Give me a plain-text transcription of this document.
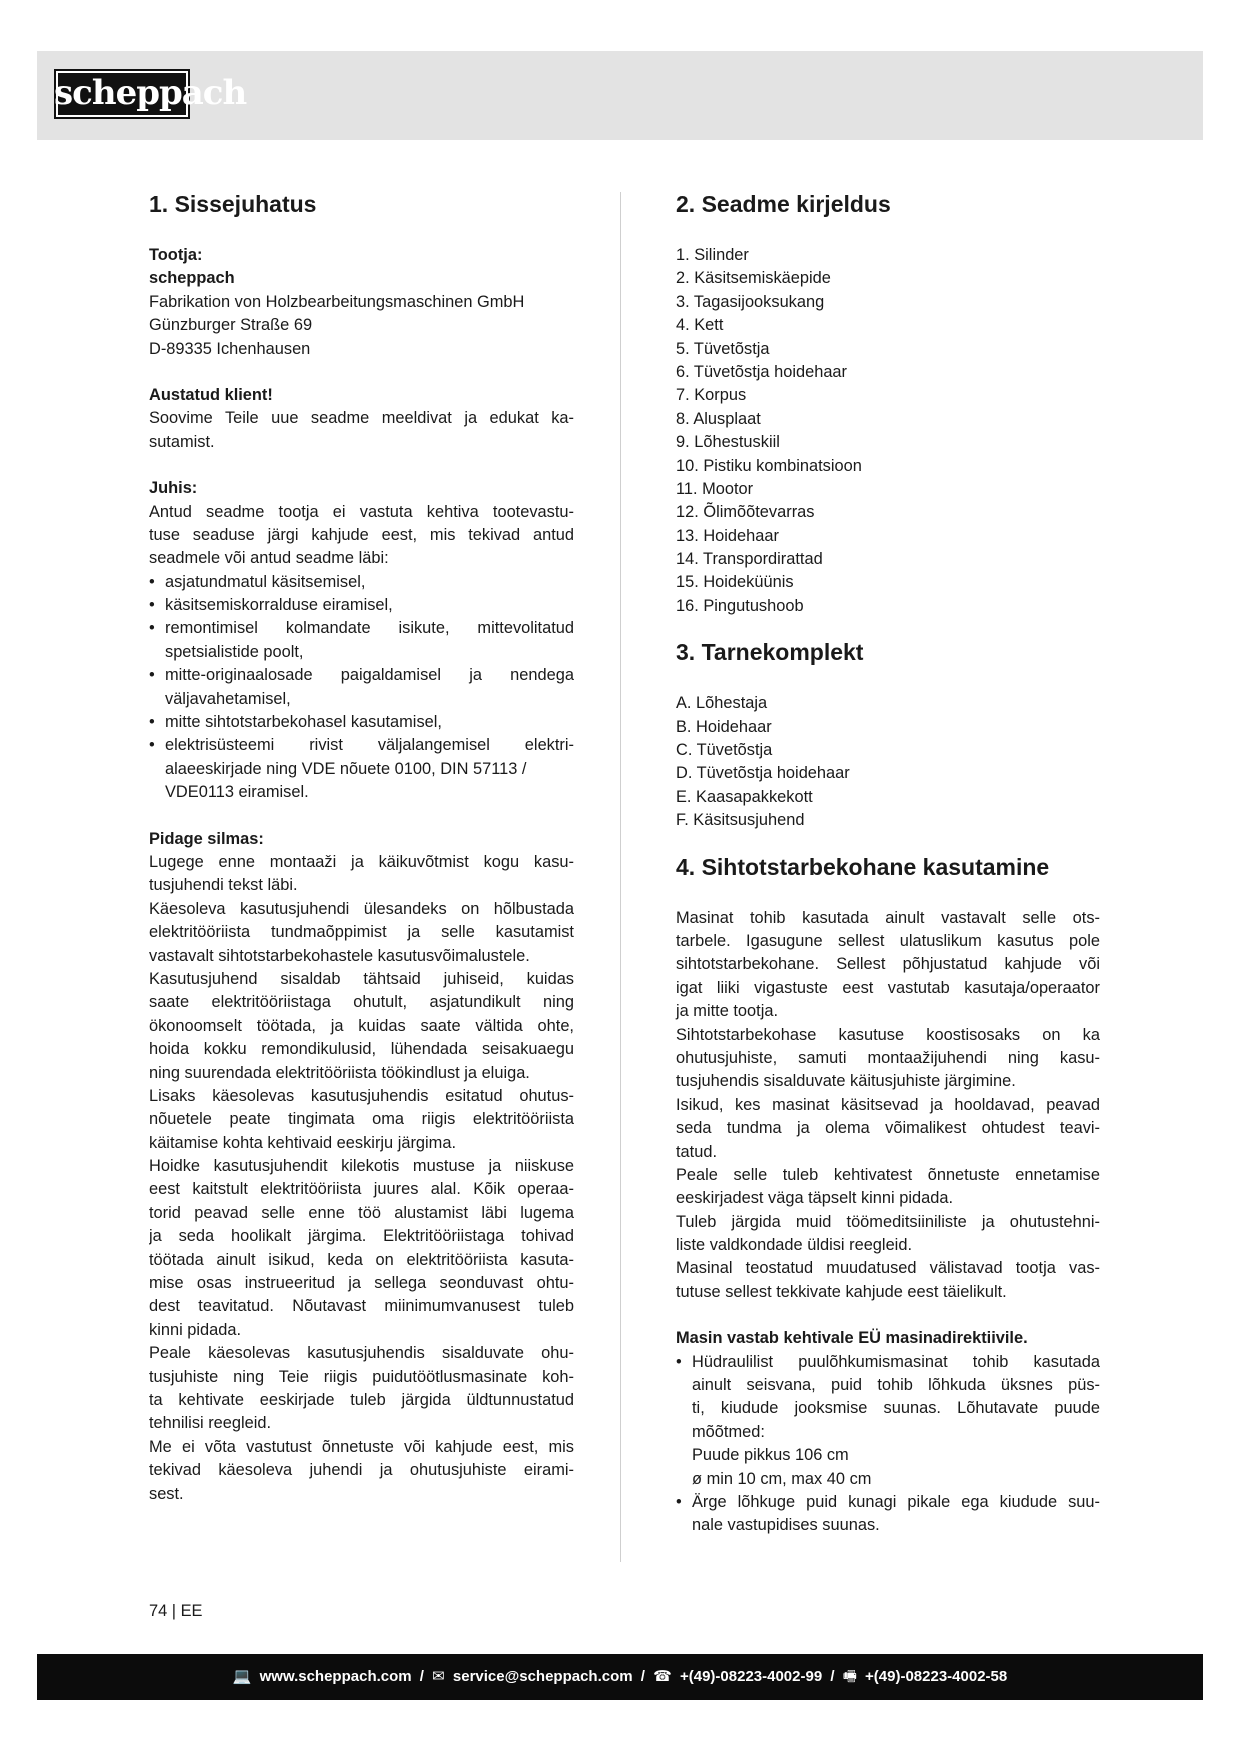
scheppach
1. Sissejuhatus
Tootja:
scheppach
Fabrikation von Holzbearbeitungsmaschinen GmbH
Günzburger Straße 69
D-89335 Ichenhausen
Austatud klient!
Soovime Teile uue seadme meeldivat ja edukat ka-
sutamist.
Juhis:
Antud seadme tootja ei vastuta kehtiva tootevastu-
tuse seaduse järgi kahjude eest, mis tekivad antud
seadmele või antud seadme läbi:
• asjatundmatul käsitsemisel,
• käsitsemiskorralduse eiramisel,
• remontimisel kolmandate isikute, mittevolitatud
spetsialistide poolt,
• mitte-originaalosade paigaldamisel ja nendega
väljavahetamisel,
• mitte sihtotstarbekohasel kasutamisel,
• elektrisüsteemi rivist väljalangemisel elektri-
alaeeskirjade ning VDE nõuete 0100, DIN 57113 /
VDE0113 eiramisel.
Pidage silmas:
Lugege enne montaaži ja käikuvõtmist kogu kasu-
tusjuhendi tekst läbi.
Käesoleva kasutusjuhendi ülesandeks on hõlbustada
elektritööriista tundmaõppimist ja selle kasutamist
vastavalt sihtotstarbekohastele kasutusvõimalustele.
Kasutusjuhend sisaldab tähtsaid juhiseid, kuidas
saate elektritööriistaga ohutult, asjatundikult ning
ökonoomselt töötada, ja kuidas saate vältida ohte,
hoida kokku remondikulusid, lühendada seisakuaegu
ning suurendada elektritööriista töökindlust ja eluiga.
Lisaks käesolevas kasutusjuhendis esitatud ohutus-
nõuetele peate tingimata oma riigis elektritööriista
käitamise kohta kehtivaid eeskirju järgima.
Hoidke kasutusjuhendit kilekotis mustuse ja niiskuse
eest kaitstult elektritööriista juures alal. Kõik operaa-
torid peavad selle enne töö alustamist läbi lugema
ja seda hoolikalt järgima. Elektritööriistaga tohivad
töötada ainult isikud, keda on elektritööriista kasuta-
mise osas instrueeritud ja sellega seonduvast ohtu-
dest teavitatud. Nõutavast miinimumvanusest tuleb
kinni pidada.
Peale käesolevas kasutusjuhendis sisalduvate ohu-
tusjuhiste ning Teie riigis puidutöötlusmasinate koh-
ta kehtivate eeskirjade tuleb järgida üldtunnustatud
tehnilisi reegleid.
Me ei võta vastutust õnnetuste või kahjude eest, mis
tekivad käesoleva juhendi ja ohutusjuhiste eirami-
sest.
2. Seadme kirjeldus
1. Silinder
2. Käsitsemiskäepide
3. Tagasijooksukang
4. Kett
5. Tüvetõstja
6. Tüvetõstja hoidehaar
7. Korpus
8. Alusplaat
9. Lõhestuskiil
10. Pistiku kombinatsioon
11. Mootor
12. Õlimõõtevarras
13. Hoidehaar
14. Transpordirattad
15. Hoideküünis
16. Pingutushoob
3. Tarnekomplekt
A. Lõhestaja
B. Hoidehaar
C. Tüvetõstja
D. Tüvetõstja hoidehaar
E. Kaasapakkekott
F. Käsitsusjuhend
4. Sihtotstarbekohane kasutamine
Masinat tohib kasutada ainult vastavalt selle ots-
tarbele. Igasugune sellest ulatuslikum kasutus pole
sihtotstarbekohane. Sellest põhjustatud kahjude või
igat liiki vigastuste eest vastutab kasutaja/operaator
ja mitte tootja.
Sihtotstarbekohase kasutuse koostisosaks on ka
ohutusjuhiste, samuti montaažijuhendi ning kasu-
tusjuhendis sisalduvate käitusjuhiste järgimine.
Isikud, kes masinat käsitsevad ja hooldavad, peavad
seda tundma ja olema võimalikest ohtudest teavi-
tatud.
Peale selle tuleb kehtivatest õnnetuste ennetamise
eeskirjadest väga täpselt kinni pidada.
Tuleb järgida muid töömeditsiiniliste ja ohutustehni-
liste valdkondade üldisi reegleid.
Masinal teostatud muudatused välistavad tootja vas-
tutuse sellest tekkivate kahjude eest täielikult.
Masin vastab kehtivale EÜ masinadirektiivile.
• Hüdraulilist puulõhkumismasinat tohib kasutada
ainult seisvana, puid tohib lõhkuda üksnes püs-
ti, kiudude jooksmise suunas. Lõhutavate puude
mõõtmed:
Puude pikkus 106 cm
ø min 10 cm, max 40 cm
• Ärge lõhkuge puid kunagi pikale ega kiudude suu-
nale vastupidises suunas.
74 | EE
💻 www.scheppach.com / ✉ service@scheppach.com / ☎ +(49)-08223-4002-99 / 🖷 +(49)-08223-4002-58
